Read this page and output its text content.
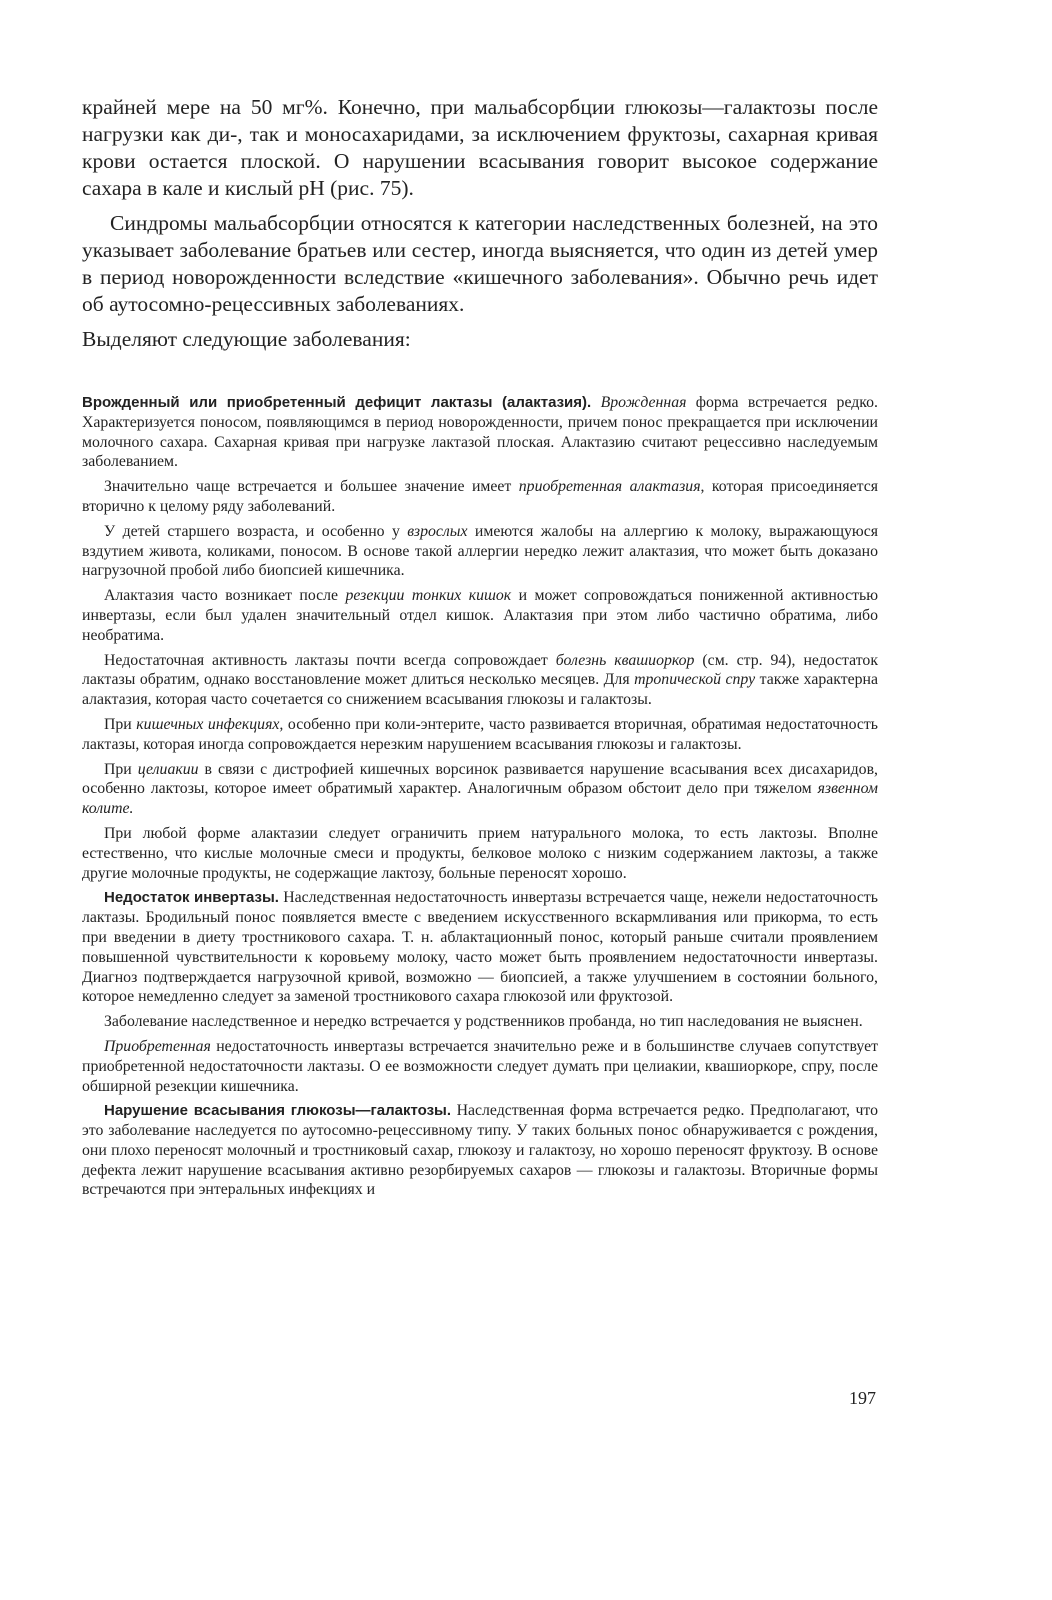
крайней мере на 50 мг%. Конечно, при мальабсорбции глюкозы—галактозы после нагрузки как ди-, так и моносахаридами, за исключением фруктозы, сахарная кривая крови остается плоской. О нарушении всасывания говорит высокое содержание сахара в кале и кислый pH (рис. 75).

Синдромы мальабсорбции относятся к категории наследственных болезней, на это указывает заболевание братьев или сестер, иногда выясняется, что один из детей умер в период новорожденности вследствие «кишечного заболевания». Обычно речь идет об аутосомно-рецессивных заболеваниях.

Выделяют следующие заболевания:

Врожденный или приобретенный дефицит лактазы (алактазия). Врожденная форма встречается редко. Характеризуется поносом, появляющимся в период новорожденности, причем понос прекращается при исключении молочного сахара. Сахарная кривая при нагрузке лактазой плоская. Алактазию считают рецессивно наследуемым заболеванием.

Значительно чаще встречается и большее значение имеет приобретенная алактазия, которая присоединяется вторично к целому ряду заболеваний.

У детей старшего возраста, и особенно у взрослых имеются жалобы на аллергию к молоку, выражающуюся вздутием живота, коликами, поносом. В основе такой аллергии нередко лежит алактазия, что может быть доказано нагрузочной пробой либо биопсией кишечника.

Алактазия часто возникает после резекции тонких кишок и может сопровождаться пониженной активностью инвертазы, если был удален значительный отдел кишок. Алактазия при этом либо частично обратима, либо необратима.

Недостаточная активность лактазы почти всегда сопровождает болезнь квашиоркор (см. стр. 94), недостаток лактазы обратим, однако восстановление может длиться несколько месяцев. Для тропической спру также характерна алактазия, которая часто сочетается со снижением всасывания глюкозы и галактозы.

При кишечных инфекциях, особенно при коли-энтерите, часто развивается вторичная, обратимая недостаточность лактазы, которая иногда сопровождается нерезким нарушением всасывания глюкозы и галактозы.

При целиакии в связи с дистрофией кишечных ворсинок развивается нарушение всасывания всех дисахаридов, особенно лактозы, которое имеет обратимый характер. Аналогичным образом обстоит дело при тяжелом язвенном колите.

При любой форме алактазии следует ограничить прием натурального молока, то есть лактозы. Вполне естественно, что кислые молочные смеси и продукты, белковое молоко с низким содержанием лактозы, а также другие молочные продукты, не содержащие лактозу, больные переносят хорошо.

Недостаток инвертазы. Наследственная недостаточность инвертазы встречается чаще, нежели недостаточность лактазы. Бродильный понос появляется вместе с введением искусственного вскармливания или прикорма, то есть при введении в диету тростникового сахара. Т. н. аблактационный понос, который раньше считали проявлением повышенной чувствительности к коровьему молоку, часто может быть проявлением недостаточности инвертазы. Диагноз подтверждается нагрузочной кривой, возможно — биопсией, а также улучшением в состоянии больного, которое немедленно следует за заменой тростникового сахара глюкозой или фруктозой.

Заболевание наследственное и нередко встречается у родственников пробанда, но тип наследования не выяснен.

Приобретенная недостаточность инвертазы встречается значительно реже и в большинстве случаев сопутствует приобретенной недостаточности лактазы. О ее возможности следует думать при целиакии, квашиоркоре, спру, после обширной резекции кишечника.

Нарушение всасывания глюкозы—галактозы. Наследственная форма встречается редко. Предполагают, что это заболевание наследуется по аутосомно-рецессивному типу. У таких больных понос обнаруживается с рождения, они плохо переносят молочный и тростниковый сахар, глюкозу и галактозу, но хорошо переносят фруктозу. В основе дефекта лежит нарушение всасывания активно резорбируемых сахаров — глюкозы и галактозы. Вторичные формы встречаются при энтеральных инфекциях и

197
